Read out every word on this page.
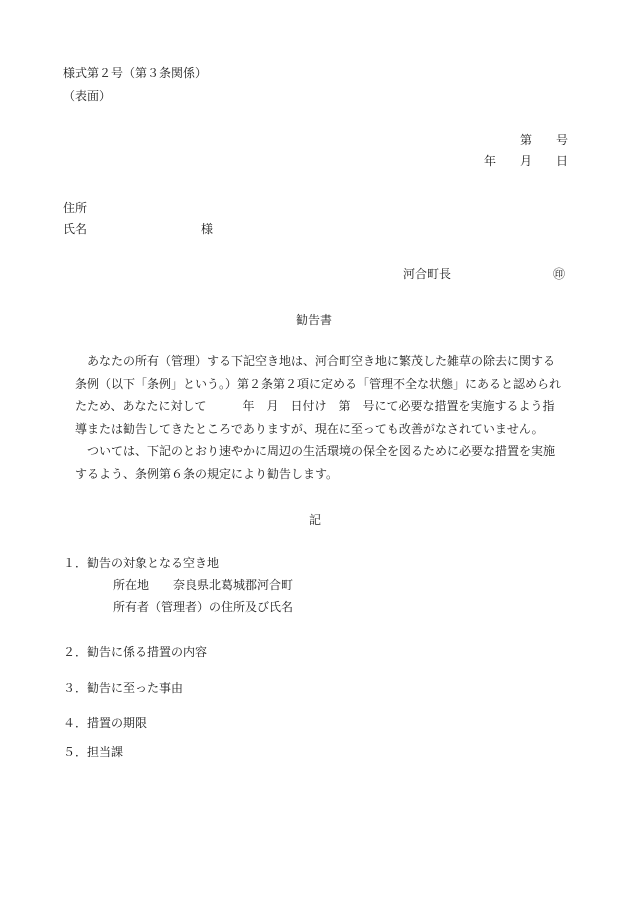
様式第２号（第３条関係）
（表面）
第　　号
年　　月　　日
住所
氏名	様
河合町長	㊞
勧告書
あなたの所有（管理）する下記空き地は、河合町空き地に繁茂した雑草の除去に関する
条例（以下「条例」という。）第２条第２項に定める「管理不全な状態」にあると認められ
たため、あなたに対して　　　年　月　日付け　第　号にて必要な措置を実施するよう指
導または勧告してきたところでありますが、現在に至っても改善がなされていません。
ついては、下記のとおり速やかに周辺の生活環境の保全を図るために必要な措置を実施
するよう、条例第６条の規定により勧告します。
記
１．勧告の対象となる空き地
所在地　　奈良県北葛城郡河合町
所有者（管理者）の住所及び氏名
２．勧告に係る措置の内容
３．勧告に至った事由
４．措置の期限
５．担当課
